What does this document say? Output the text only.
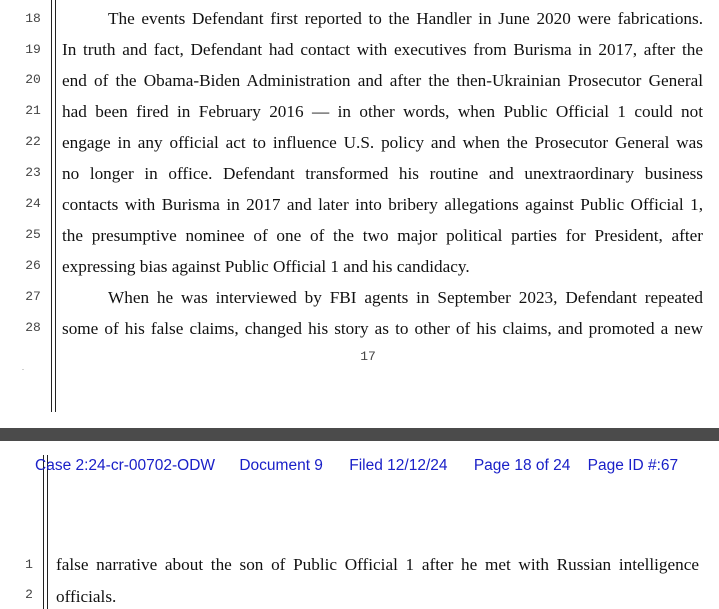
18
19
20
21
22
23
24
25
26
27
28
The events Defendant first reported to the Handler in June 2020 were fabrications.
In truth and fact, Defendant had contact with executives from Burisma in 2017, after the
end of the Obama-Biden Administration and after the then-Ukrainian Prosecutor General
had been fired in February 2016 — in other words, when Public Official 1 could not
engage in any official act to influence U.S. policy and when the Prosecutor General was
no longer in office. Defendant transformed his routine and unextraordinary business
contacts with Burisma in 2017 and later into bribery allegations against Public Official 1,
the presumptive nominee of one of the two major political parties for President, after
expressing bias against Public Official 1 and his candidacy.
When he was interviewed by FBI agents in September 2023, Defendant repeated
some of his false claims, changed his story as to other of his claims, and promoted a new
17
.
1
2
false narrative about the son of Public Official 1 after he met with Russian intelligence
officials.
Case 2:24-cr-00702-ODW Document 9 Filed 12/12/24 Page 18 of 24 Page ID #:67
